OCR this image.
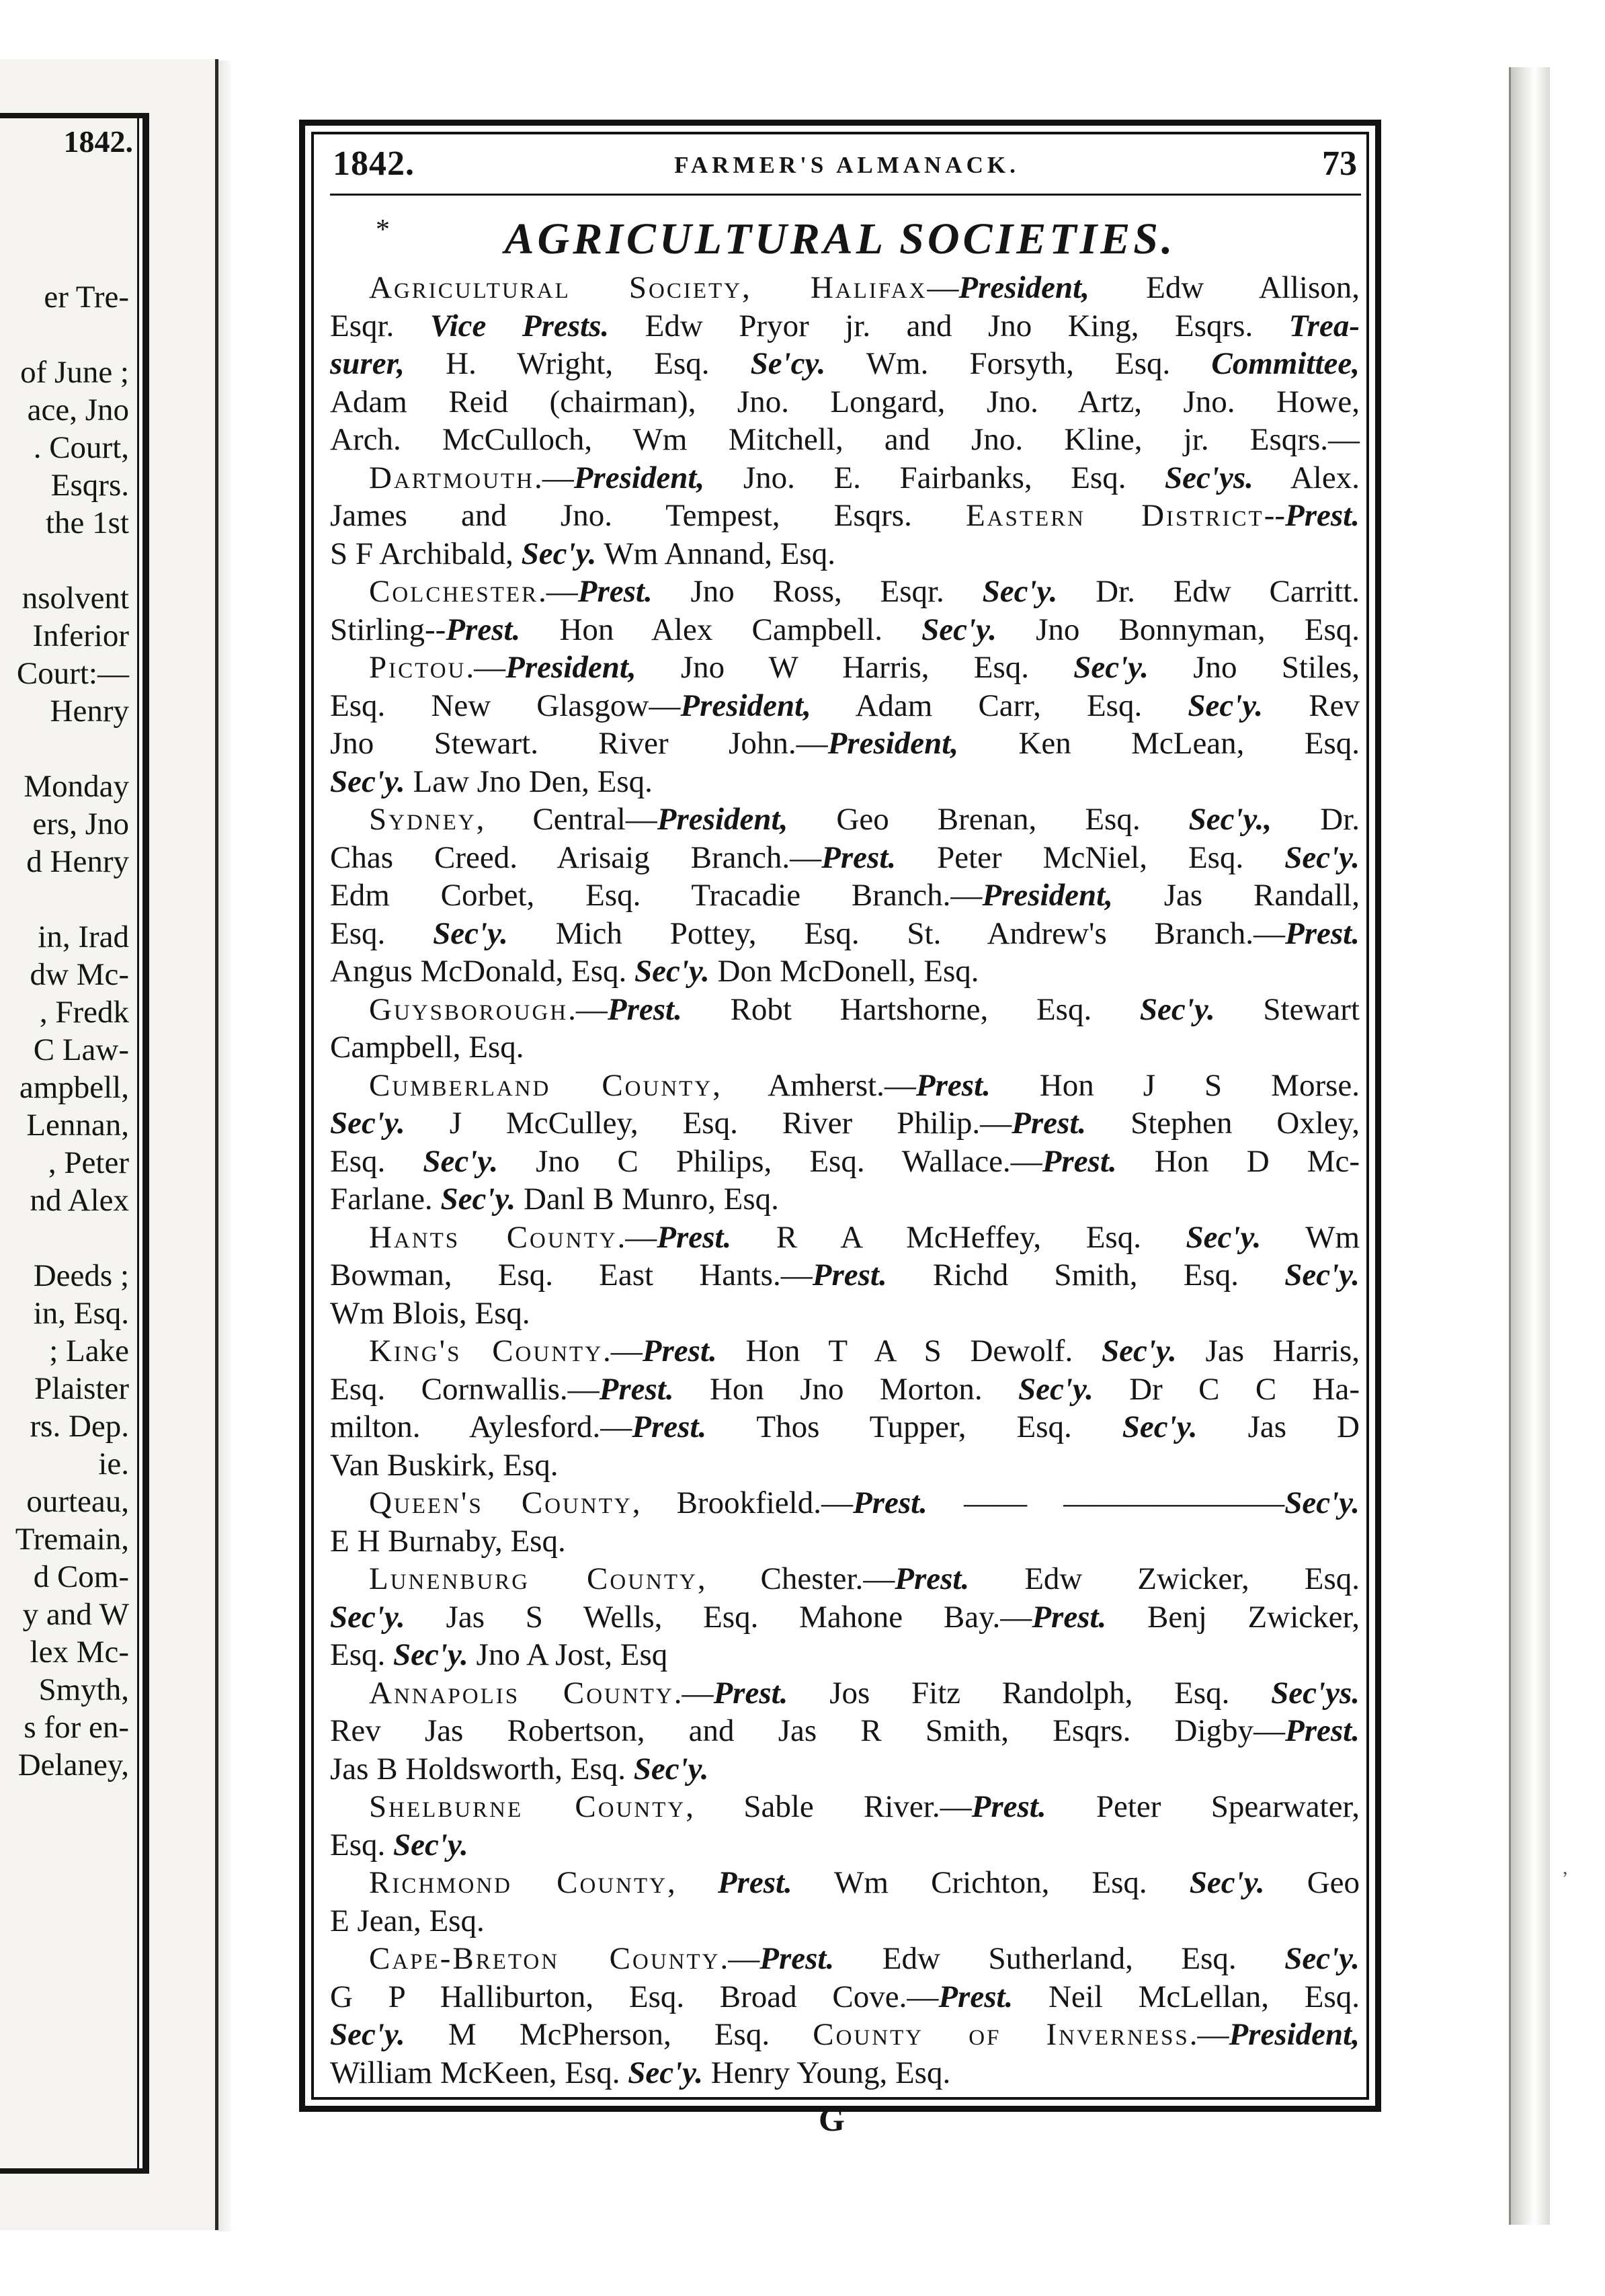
1842.
er Tre-
of June ;
ace, Jno
. Court,
Esqrs.
the 1st
nsolvent
Inferior
Court:—
Henry
Monday
ers, Jno
d Henry
in, Irad
dw Mc-
, Fredk
C Law-
ampbell,
Lennan,
, Peter
nd Alex
Deeds ;
in, Esq.
; Lake
Plaister
rs. Dep.
ie.
ourteau,
Tremain,
d Com-
y and W
lex Mc-
Smyth,
s for en-
Delaney,
,
1842.	FARMER'S ALMANACK.	73
*	AGRICULTURAL SOCIETIES.
Agricultural Society, Halifax—President, Edw Allison,
Esqr. Vice Prests. Edw Pryor jr. and Jno King, Esqrs. Trea-
surer, H. Wright, Esq. Se'cy. Wm. Forsyth, Esq. Committee,
Adam Reid (chairman), Jno. Longard, Jno. Artz, Jno. Howe,
Arch. McCulloch, Wm Mitchell, and Jno. Kline, jr. Esqrs.—
Dartmouth.—President, Jno. E. Fairbanks, Esq. Sec'ys. Alex.
James and Jno. Tempest, Esqrs. Eastern District--Prest.
S F Archibald, Sec'y. Wm Annand, Esq.
Colchester.—Prest. Jno Ross, Esqr. Sec'y. Dr. Edw Carritt.
Stirling--Prest. Hon Alex Campbell. Sec'y. Jno Bonnyman, Esq.
Pictou.—President, Jno W Harris, Esq. Sec'y. Jno Stiles,
Esq. New Glasgow—President, Adam Carr, Esq. Sec'y. Rev
Jno Stewart. River John.—President, Ken McLean, Esq.
Sec'y. Law Jno Den, Esq.
Sydney, Central—President, Geo Brenan, Esq. Sec'y., Dr.
Chas Creed. Arisaig Branch.—Prest. Peter McNiel, Esq. Sec'y.
Edm Corbet, Esq. Tracadie Branch.—President, Jas Randall,
Esq. Sec'y. Mich Pottey, Esq. St. Andrew's Branch.—Prest.
Angus McDonald, Esq. Sec'y. Don McDonell, Esq.
Guysborough.—Prest. Robt Hartshorne, Esq. Sec'y. Stewart
Campbell, Esq.
Cumberland County, Amherst.—Prest. Hon J S Morse.
Sec'y. J McCulley, Esq. River Philip.—Prest. Stephen Oxley,
Esq. Sec'y. Jno C Philips, Esq. Wallace.—Prest. Hon D Mc-
Farlane. Sec'y. Danl B Munro, Esq.
Hants County.—Prest. R A McHeffey, Esq. Sec'y. Wm
Bowman, Esq. East Hants.—Prest. Richd Smith, Esq. Sec'y.
Wm Blois, Esq.
King's County.—Prest. Hon T A S Dewolf. Sec'y. Jas Harris,
Esq. Cornwallis.—Prest. Hon Jno Morton. Sec'y. Dr C C Ha-
milton. Aylesford.—Prest. Thos Tupper, Esq. Sec'y. Jas D
Van Buskirk, Esq.
Queen's County, Brookfield.—Prest. —— ———————Sec'y.
E H Burnaby, Esq.
Lunenburg County, Chester.—Prest. Edw Zwicker, Esq.
Sec'y. Jas S Wells, Esq. Mahone Bay.—Prest. Benj Zwicker,
Esq. Sec'y. Jno A Jost, Esq
Annapolis County.—Prest. Jos Fitz Randolph, Esq. Sec'ys.
Rev Jas Robertson, and Jas R Smith, Esqrs. Digby—Prest.
Jas B Holdsworth, Esq. Sec'y.
Shelburne County, Sable River.—Prest. Peter Spearwater,
Esq. Sec'y.
Richmond County, Prest. Wm Crichton, Esq. Sec'y. Geo
E Jean, Esq.
Cape-Breton County.—Prest. Edw Sutherland, Esq. Sec'y.
G P Halliburton, Esq. Broad Cove.—Prest. Neil McLellan, Esq.
Sec'y. M McPherson, Esq. County of Inverness.—President,
William McKeen, Esq. Sec'y. Henry Young, Esq.
G
